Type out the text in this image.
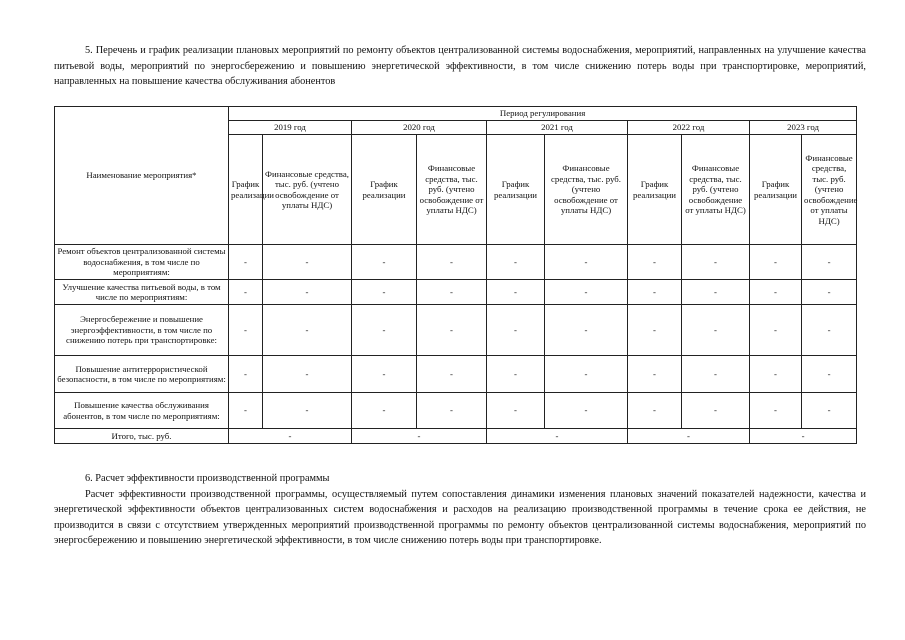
5. Перечень и график реализации плановых мероприятий по ремонту объектов централизованной системы водоснабжения, мероприятий, направленных на улучшение качества питьевой воды, мероприятий по энергосбережению и повышению энергетической эффективности, в том числе снижению потерь воды при транспортировке, мероприятий, направленных на повышение качества обслуживания абонентов

Наименование мероприятия*	Период регулирования									
	2019 год		2020 год		2021 год		2022 год		2023 год	
	График реализации	Финансовые средства, тыс. руб. (учтено освобождение от уплаты НДС)	График реализации	Финансовые средства, тыс. руб. (учтено освобождение от уплаты НДС)	График реализации	Финансовые средства, тыс. руб. (учтено освобождение от уплаты НДС)	График реализации	Финансовые средства, тыс. руб. (учтено освобождение от уплаты НДС)	График реализации	Финансовые средства, тыс. руб. (учтено освобождение от уплаты НДС)
Ремонт объектов централизованной системы водоснабжения, в том числе по мероприятиям:	-	-	-	-	-	-	-	-	-	-
Улучшение качества питьевой воды, в том числе по мероприятиям:	-	-	-	-	-	-	-	-	-	-
Энергосбережение и повышение энергоэффективности, в том числе по снижению потерь при транспортировке:	-	-	-	-	-	-	-	-	-	-
Повышение антитеррористической безопасности, в том числе по мероприятиям:	-	-	-	-	-	-	-	-	-	-
Повышение качества обслуживания абонентов, в том числе по мероприятиям:	-	-	-	-	-	-	-	-	-	-
Итого, тыс. руб.	-		-		-		-		-	
6. Расчет эффективности производственной программы
Расчет эффективности производственной программы, осуществляемый путем сопоставления динамики изменения плановых значений показателей надежности, качества и энергетической эффективности объектов централизованных систем водоснабжения и расходов на реализацию производственной программы в течение срока ее действия, не производится в связи с отсутствием утвержденных мероприятий производственной программы по ремонту объектов централизованной системы водоснабжения, мероприятий по энергосбережению и повышению энергетической эффективности, в том числе снижению потерь воды при транспортировке.
